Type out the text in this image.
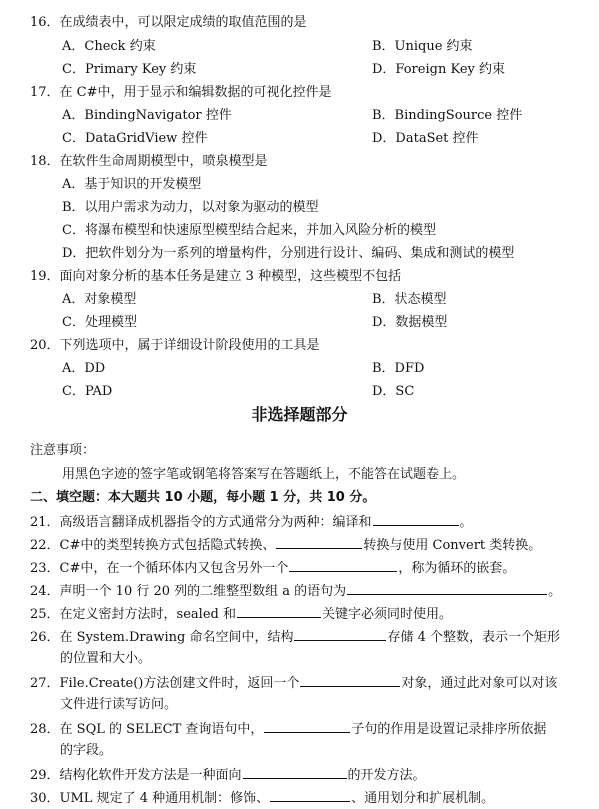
16．在成绩表中，可以限定成绩的取值范围的是
A．Check 约束	B．Unique 约束
C．Primary Key 约束	D．Foreign Key 约束
17．在 C#中，用于显示和编辑数据的可视化控件是
A．BindingNavigator 控件	B．BindingSource 控件
C．DataGridView 控件	D．DataSet 控件
18．在软件生命周期模型中，喷泉模型是
A．基于知识的开发模型
B．以用户需求为动力，以对象为驱动的模型
C．将瀑布模型和快速原型模型结合起来，并加入风险分析的模型
D．把软件划分为一系列的增量构件，分别进行设计、编码、集成和测试的模型
19．面向对象分析的基本任务是建立 3 种模型，这些模型不包括
A．对象模型	B．状态模型
C．处理模型	D．数据模型
20．下列选项中，属于详细设计阶段使用的工具是
A．DD	B．DFD
C．PAD	D．SC
非选择题部分
注意事项：
用黑色字迹的签字笔或钢笔将答案写在答题纸上，不能答在试题卷上。
二、填空题：本大题共 10 小题，每小题 1 分，共 10 分。
21．高级语言翻译成机器指令的方式通常分为两种：编译和	。
22．C#中的类型转换方式包括隐式转换、	转换与使用 Convert 类转换。
23．C#中，在一个循环体内又包含另外一个	，称为循环的嵌套。
24．声明一个 10 行 20 列的二维整型数组 a 的语句为	。
25．在定义密封方法时，sealed 和	关键字必须同时使用。
26．在 System.Drawing 命名空间中，结构	存储 4 个整数，表示一个矩形
的位置和大小。
27．File.Create()方法创建文件时，返回一个	对象，通过此对象可以对该
文件进行读写访问。
28．在 SQL 的 SELECT 查询语句中，	子句的作用是设置记录排序所依据
的字段。
29．结构化软件开发方法是一种面向	的开发方法。
30．UML 规定了 4 种通用机制：修饰、	、通用划分和扩展机制。
